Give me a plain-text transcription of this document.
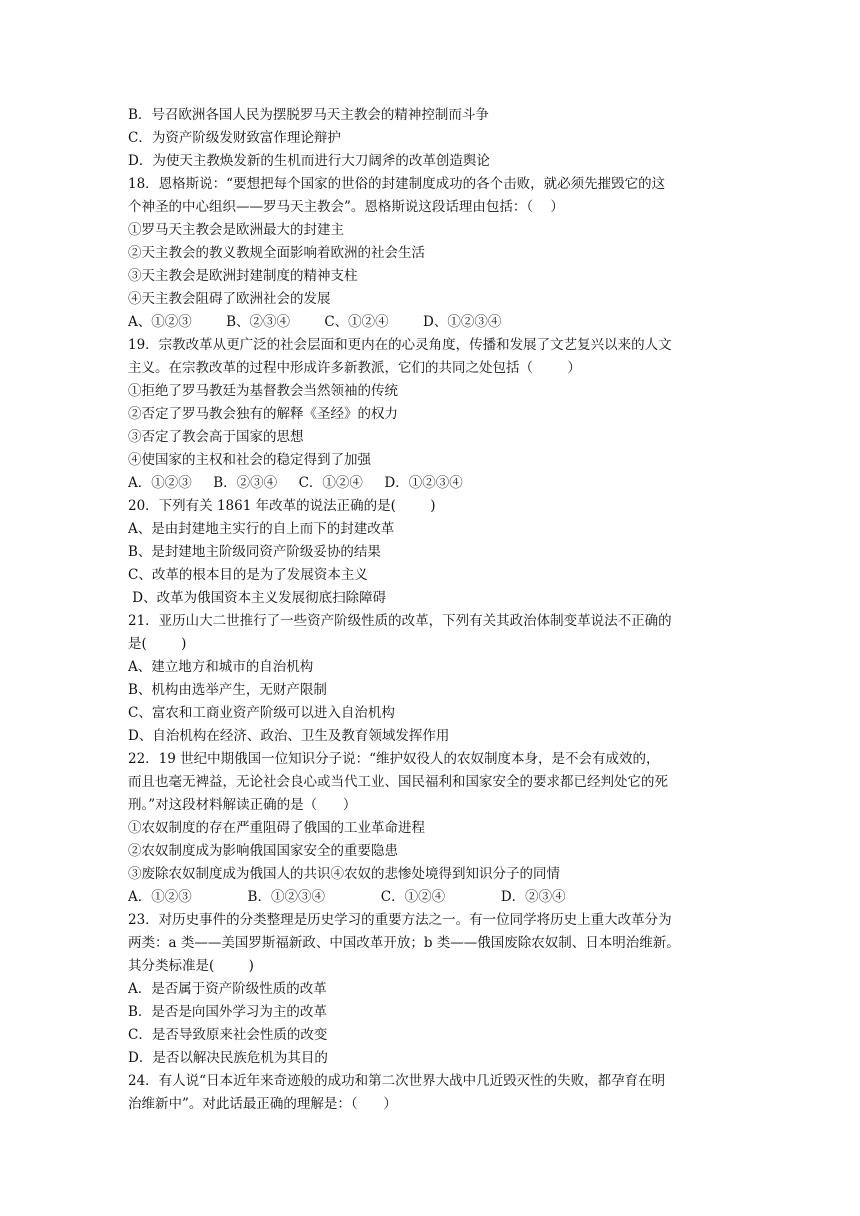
B．号召欧洲各国人民为摆脱罗马天主教会的精神控制而斗争
C．为资产阶级发财致富作理论辩护
D．为使天主教焕发新的生机而进行大刀阔斧的改革创造舆论
18．恩格斯说：“要想把每个国家的世俗的封建制度成功的各个击败，就必须先摧毁它的这
个神圣的中心组织——罗马天主教会”。恩格斯说这段话理由包括：（    ）
①罗马天主教会是欧洲最大的封建主
②天主教会的教义教规全面影响着欧洲的社会生活
③天主教会是欧洲封建制度的精神支柱
④天主教会阻碍了欧洲社会的发展
A、①②③        B、②③④        C、①②④        D、①②③④
19．宗教改革从更广泛的社会层面和更内在的心灵角度，传播和发展了文艺复兴以来的人文
主义。在宗教改革的过程中形成许多新教派，它们的共同之处包括（        ）
①拒绝了罗马教廷为基督教会当然领袖的传统
②否定了罗马教会独有的解释《圣经》的权力
③否定了教会高于国家的思想
④使国家的主权和社会的稳定得到了加强
A．①②③     B．②③④     C．①②④     D．①②③④
20．下列有关 1861 年改革的说法正确的是(        )
A、是由封建地主实行的自上而下的封建改革
B、是封建地主阶级同资产阶级妥协的结果
C、改革的根本目的是为了发展资本主义
D、改革为俄国资本主义发展彻底扫除障碍
21．亚历山大二世推行了一些资产阶级性质的改革，下列有关其政治体制变革说法不正确的
是(        )
A、建立地方和城市的自治机构
B、机构由选举产生，无财产限制
C、富农和工商业资产阶级可以进入自治机构
D、自治机构在经济、政治、卫生及教育领域发挥作用
22．19 世纪中期俄国一位知识分子说：“维护奴役人的农奴制度本身，是不会有成效的，
而且也毫无裨益，无论社会良心或当代工业、国民福利和国家安全的要求都已经判处它的死
刑。”对这段材料解读正确的是（      ）
①农奴制度的存在严重阻碍了俄国的工业革命进程
②农奴制度成为影响俄国国家安全的重要隐患
③废除农奴制度成为俄国人的共识④农奴的悲惨处境得到知识分子的同情
A．①②③             B．①②③④             C．①②④             D．②③④
23．对历史事件的分类整理是历史学习的重要方法之一。有一位同学将历史上重大改革分为
两类：a 类——美国罗斯福新政、中国改革开放；b 类——俄国废除农奴制、日本明治维新。
其分类标准是(        )
A．是否属于资产阶级性质的改革
B．是否是向国外学习为主的改革
C．是否导致原来社会性质的改变
D．是否以解决民族危机为其目的
24．有人说“日本近年来奇迹般的成功和第二次世界大战中几近毁灭性的失败，都孕育在明
治维新中”。对此话最正确的理解是：（      ）
